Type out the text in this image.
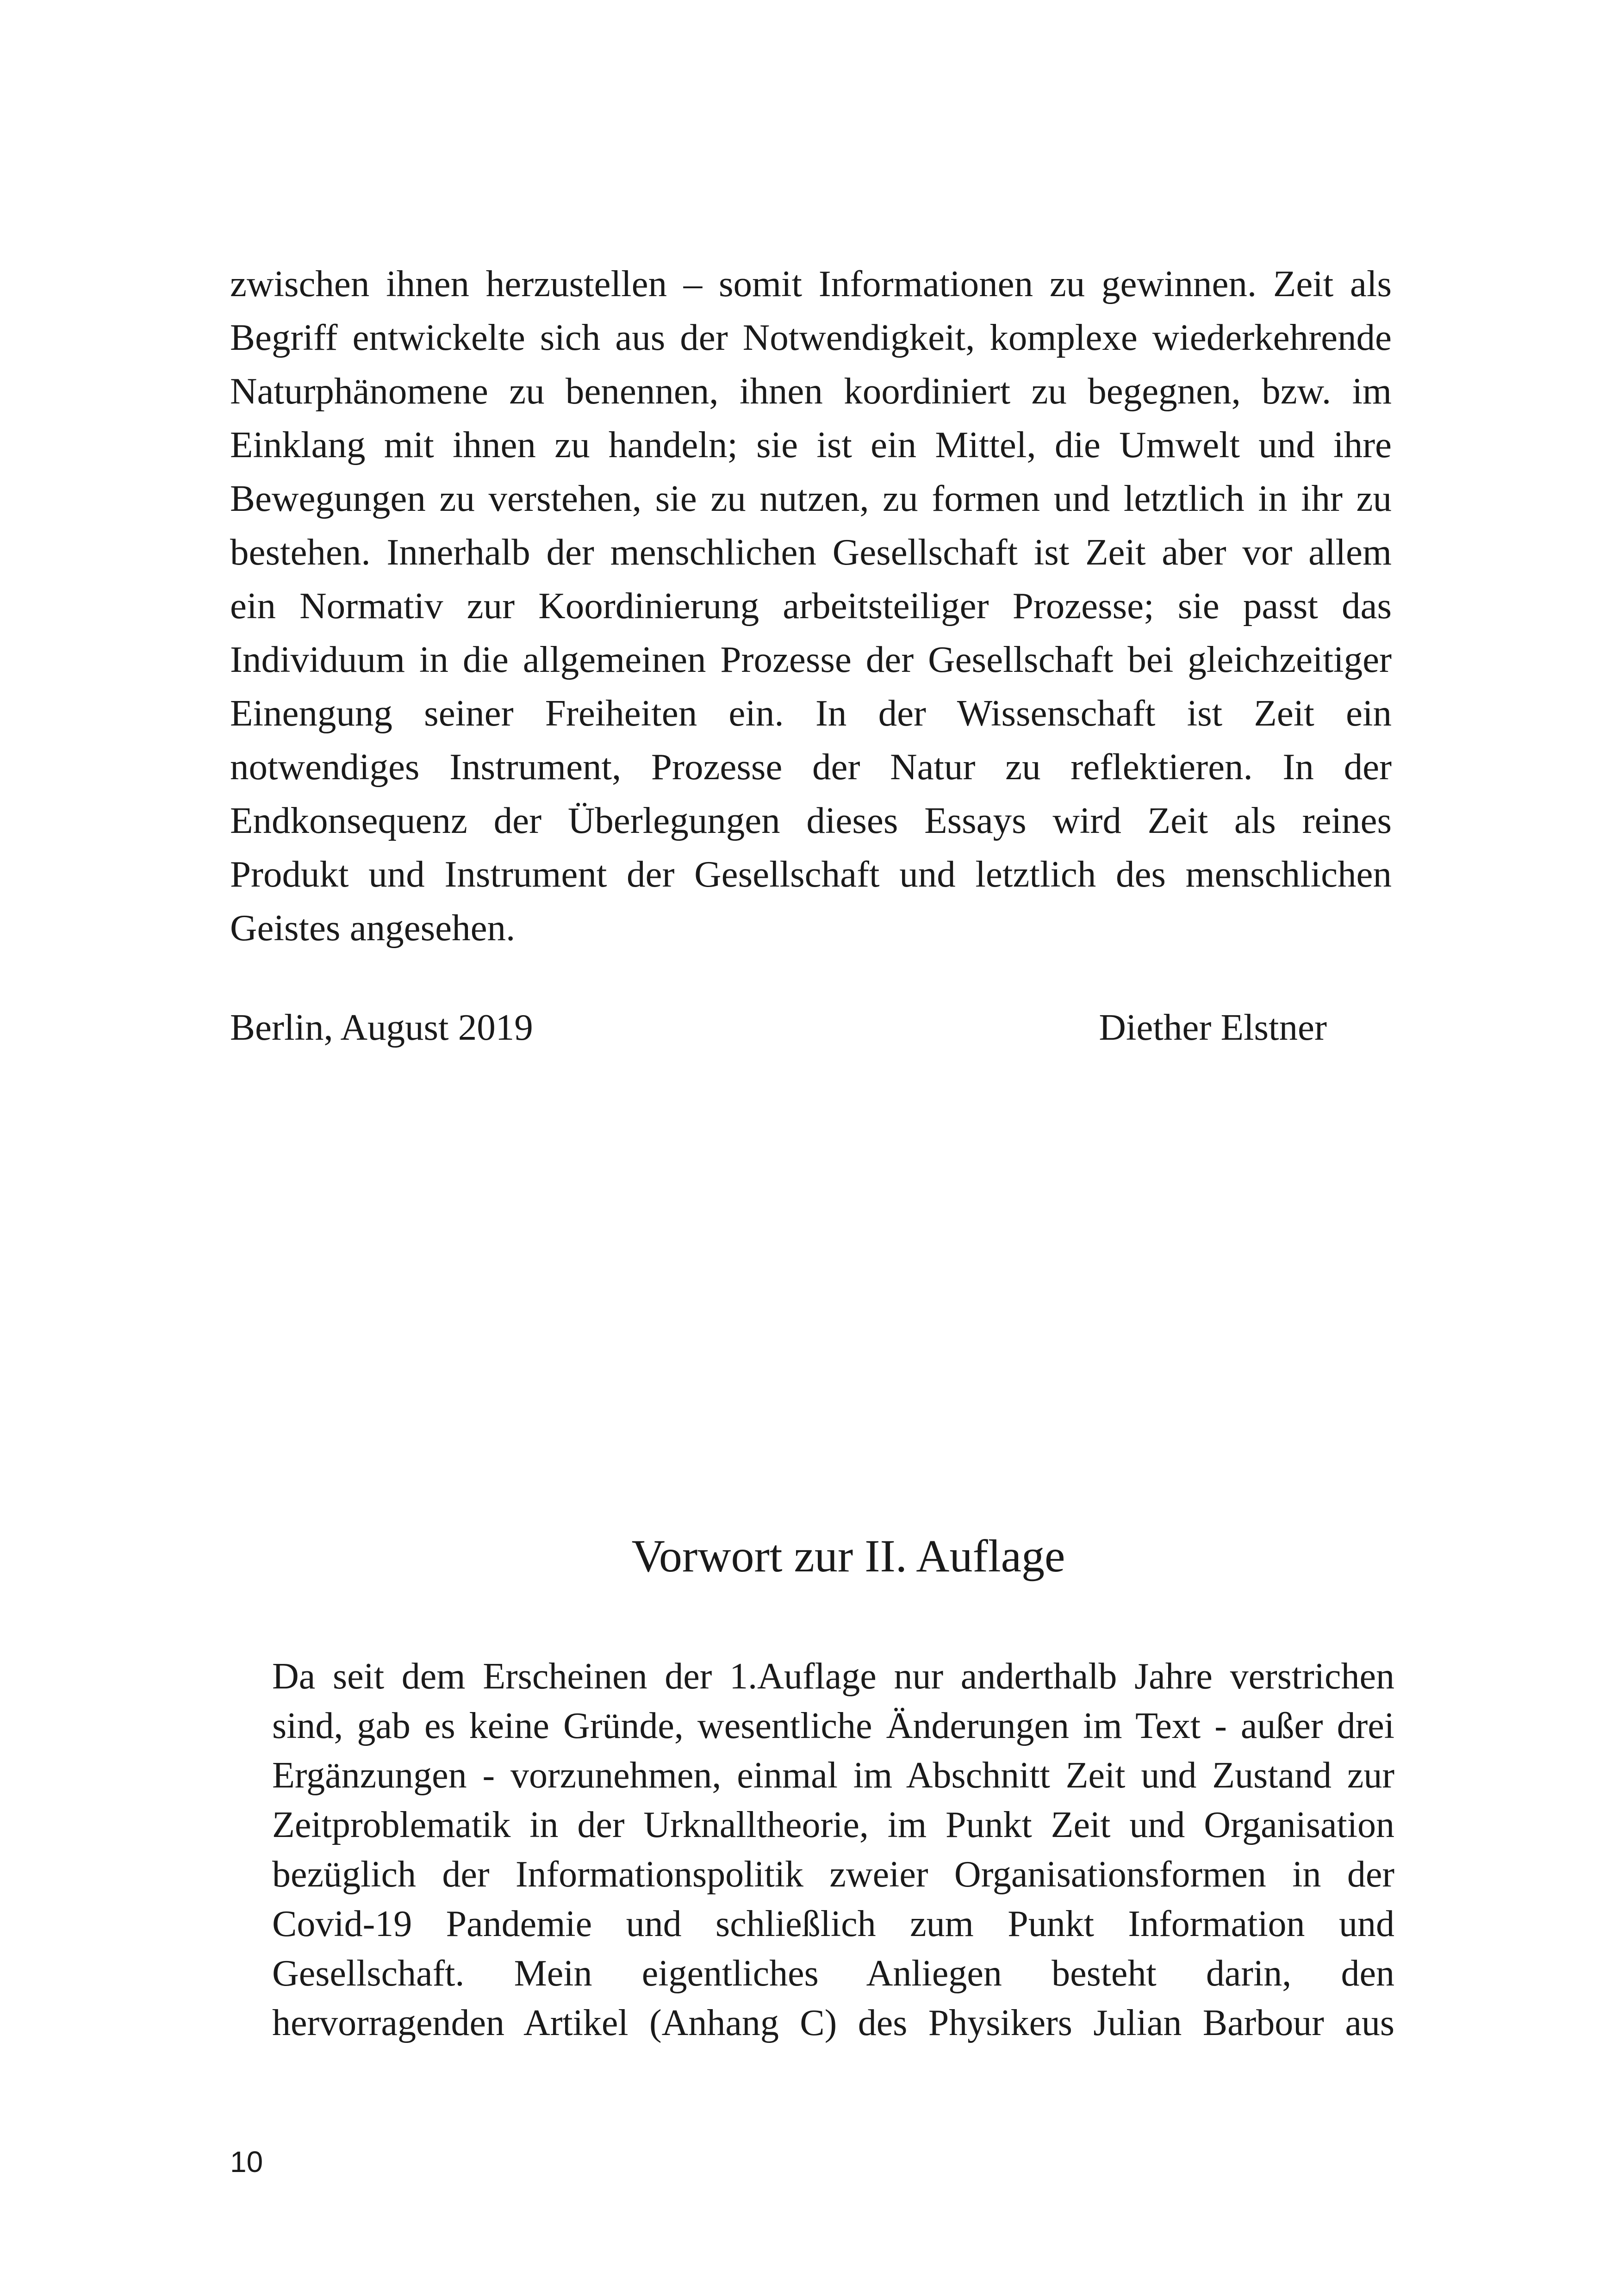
zwischen ihnen herzustellen – somit Informationen zu gewinnen. Zeit als
Begriff entwickelte sich aus der Notwendigkeit, komplexe wiederkehrende
Naturphänomene zu benennen, ihnen koordiniert zu begegnen, bzw. im
Einklang mit ihnen zu handeln; sie ist ein Mittel, die Umwelt und ihre
Bewegungen zu verstehen, sie zu nutzen, zu formen und letztlich in ihr zu
bestehen. Innerhalb der menschlichen Gesellschaft ist Zeit aber vor allem
ein Normativ zur Koordinierung arbeitsteiliger Prozesse; sie passt das
Individuum in die allgemeinen Prozesse der Gesellschaft bei gleichzeitiger
Einengung seiner Freiheiten ein. In der Wissenschaft ist Zeit ein
notwendiges Instrument, Prozesse der Natur zu reflektieren. In der
Endkonsequenz der Überlegungen dieses Essays wird Zeit als reines
Produkt und Instrument der Gesellschaft und letztlich des menschlichen
Geistes angesehen.
Berlin, August 2019	Diether Elstner
Vorwort zur II. Auflage
Da seit dem Erscheinen der 1.Auflage nur anderthalb Jahre verstrichen
sind, gab es keine Gründe, wesentliche Änderungen im Text - außer drei
Ergänzungen - vorzunehmen, einmal im Abschnitt Zeit und Zustand zur
Zeitproblematik in der Urknalltheorie, im Punkt Zeit und Organisation
bezüglich der Informationspolitik zweier Organisationsformen in der
Covid-19 Pandemie und schließlich zum Punkt Information und
Gesellschaft. Mein eigentliches Anliegen besteht darin, den
hervorragenden Artikel (Anhang C) des Physikers Julian Barbour aus
10
